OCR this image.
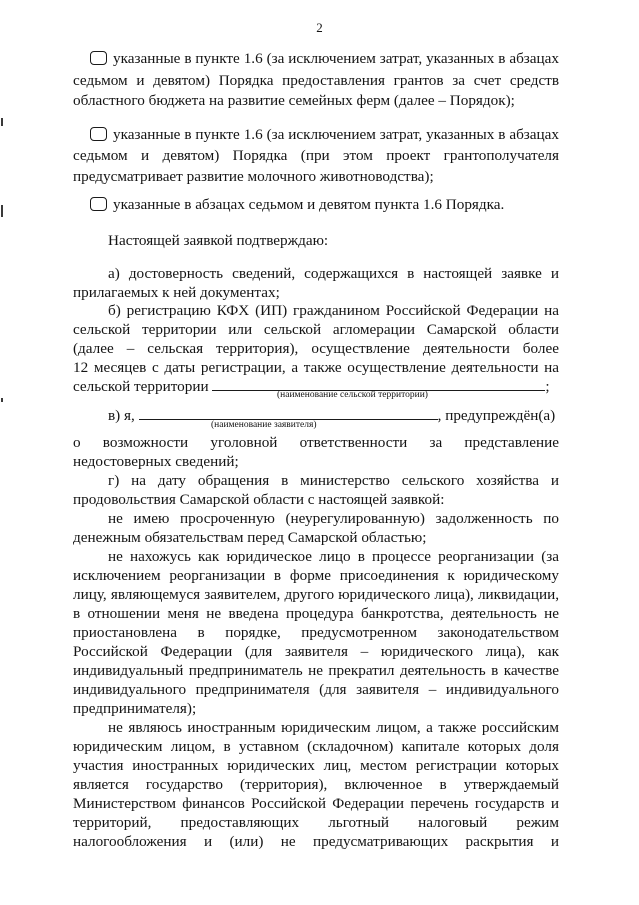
2
указанные в пункте 1.6 (за исключением затрат, указанных в абзацах
седьмом и девятом) Порядка предоставления грантов за счет средств
областного бюджета на развитие семейных ферм (далее – Порядок);
указанные в пункте 1.6 (за исключением затрат, указанных в абзацах
седьмом и девятом) Порядка (при этом проект грантополучателя
предусматривает развитие молочного животноводства);
указанные в абзацах седьмом и девятом пункта 1.6 Порядка.
Настоящей заявкой подтверждаю:
а) достоверность сведений, содержащихся в настоящей заявке и
прилагаемых к ней документах;
б) регистрацию КФХ (ИП) гражданином Российской Федерации на
сельской территории или сельской агломерации Самарской области
(далее – сельская территория), осуществление деятельности более
12 месяцев с даты регистрации, а также осуществление деятельности на
сельской территории	;
(наименование сельской территории)
в) я,	, предупреждён(а)
(наименование заявителя)
о возможности уголовной ответственности за представление
недостоверных сведений;
г) на дату обращения в министерство сельского хозяйства и
продовольствия Самарской области с настоящей заявкой:
не имею просроченную (неурегулированную) задолженность по
денежным обязательствам перед Самарской областью;
не нахожусь как юридическое лицо в процессе реорганизации (за
исключением реорганизации в форме присоединения к юридическому
лицу, являющемуся заявителем, другого юридического лица), ликвидации,
в отношении меня не введена процедура банкротства, деятельность не
приостановлена в порядке, предусмотренном законодательством
Российской Федерации (для заявителя – юридического лица), как
индивидуальный предприниматель не прекратил деятельность в качестве
индивидуального предпринимателя (для заявителя – индивидуального
предпринимателя);
не являюсь иностранным юридическим лицом, а также российским
юридическим лицом, в уставном (складочном) капитале которых доля
участия иностранных юридических лиц, местом регистрации которых
является государство (территория), включенное в утверждаемый
Министерством финансов Российской Федерации перечень государств и
территорий, предоставляющих льготный налоговый режим
налогообложения и (или) не предусматривающих раскрытия и
